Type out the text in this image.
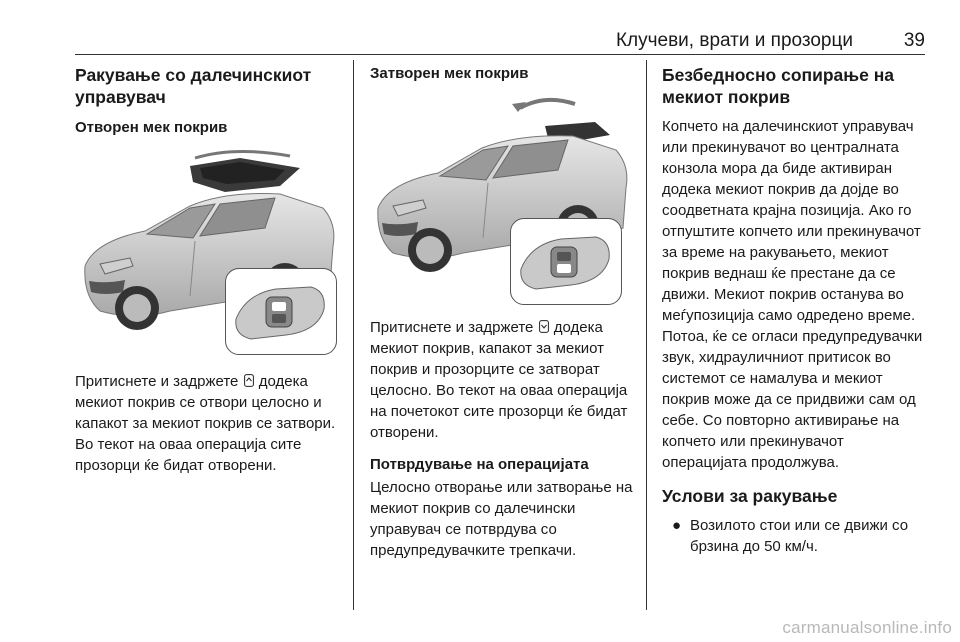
Клучеви, врати и прозорци	39
Ракување со далечинскиот управувач
Отворен мек покрив

Притиснете и задржете додека мекиот покрив се отвори целосно и капакот за мекиот покрив се затвори. Во текот на оваа операција сите прозорци ќе бидат отворени.

Затворен мек покрив

Притиснете и задржете додека мекиот покрив, капакот за мекиот покрив и прозорците се затворат целосно. Во текот на оваа операција на почетокот сите прозорци ќе бидат отворени.

Потврдување на операцијата

Целосно отворање или затворање на мекиот покрив со далечински управувач се потврдува со предупредувачките трепкачи.

Безбедносно сопирање на мекиот покрив

Копчето на далечинскиот управувач или прекинувачот во централната конзола мора да биде активиран додека мекиот покрив да дојде во соодветната крајна позиција. Ако го отпуштите копчето или прекинувачот за време на ракувањето, мекиот покрив веднаш ќе престане да се движи. Мекиот покрив останува во меѓупозиција само одредено време. Потоа, ќе се огласи предупредувачки звук, хидрауличниот притисок во системот се намалува и мекиот покрив може да се придвижи сам од себе. Со повторно активирање на копчето или прекинувачот операцијата продолжува.

Услови за ракување
● Возилото стои или се движи со брзина до 50 км/ч.
carmanualsonline.info
